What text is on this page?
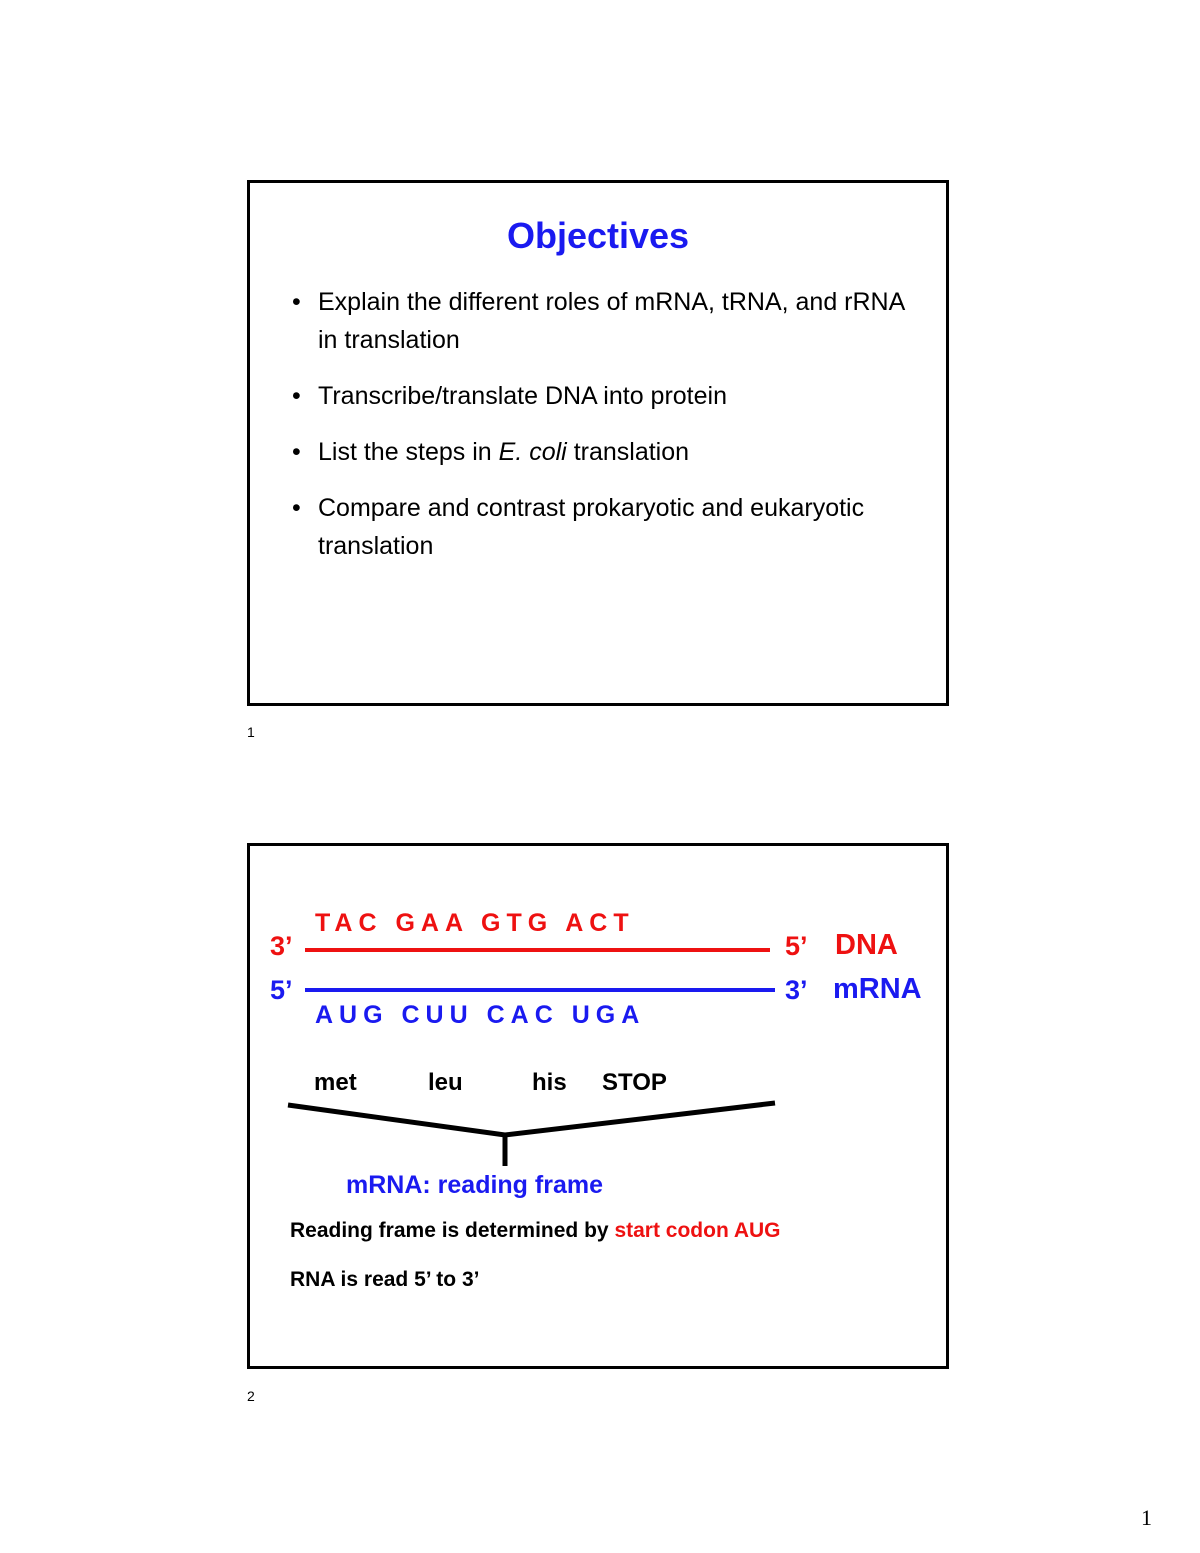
Objectives
• Explain the different roles of mRNA, tRNA, and rRNA in translation
• Transcribe/translate DNA into protein
• List the steps in E. coli translation
• Compare and contrast prokaryotic and eukaryotic translation
1
TAC GAA GTG ACT
3’	5’ DNA
5’	3’ mRNA
AUG CUU CAC UGA
met	leu	his STOP
mRNA: reading frame
Reading frame is determined by start codon AUG
RNA is read 5’ to 3’
2
1
